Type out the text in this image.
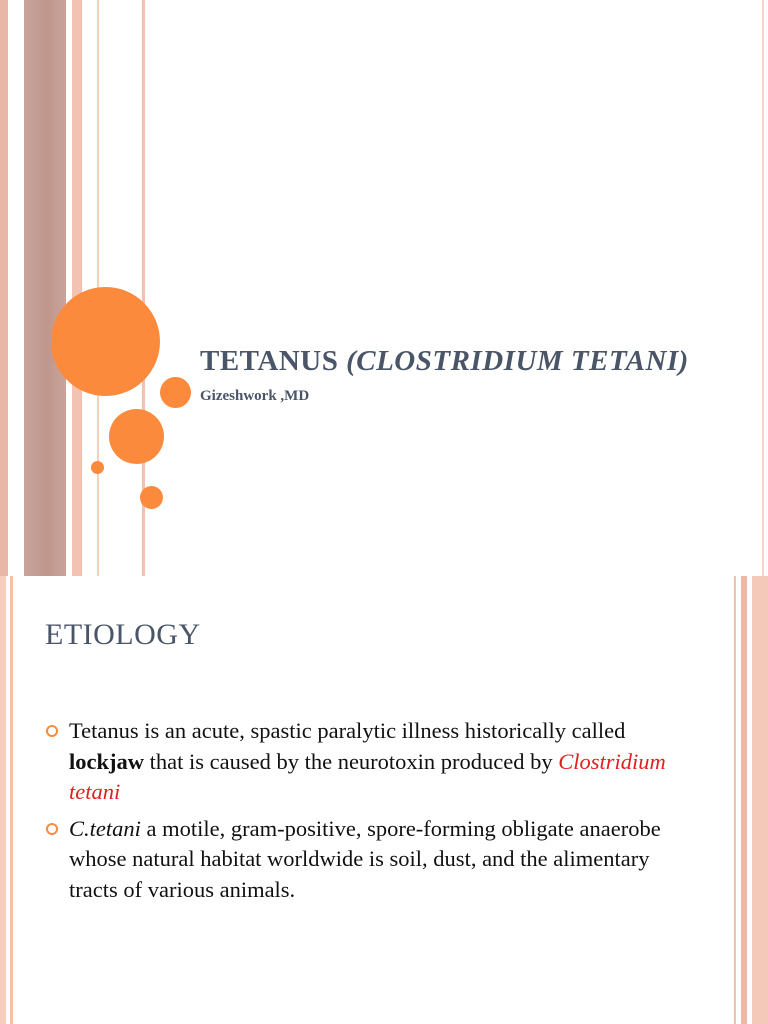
TETANUS (CLOSTRIDIUM TETANI)

Gizeshwork ,MD

ETIOLOGY
Tetanus is an acute, spastic paralytic illness historically called lockjaw that is caused by the neurotoxin produced by Clostridium tetani
C.tetani a motile, gram-positive, spore-forming obligate anaerobe whose natural habitat worldwide is soil, dust, and the alimentary tracts of various animals.
